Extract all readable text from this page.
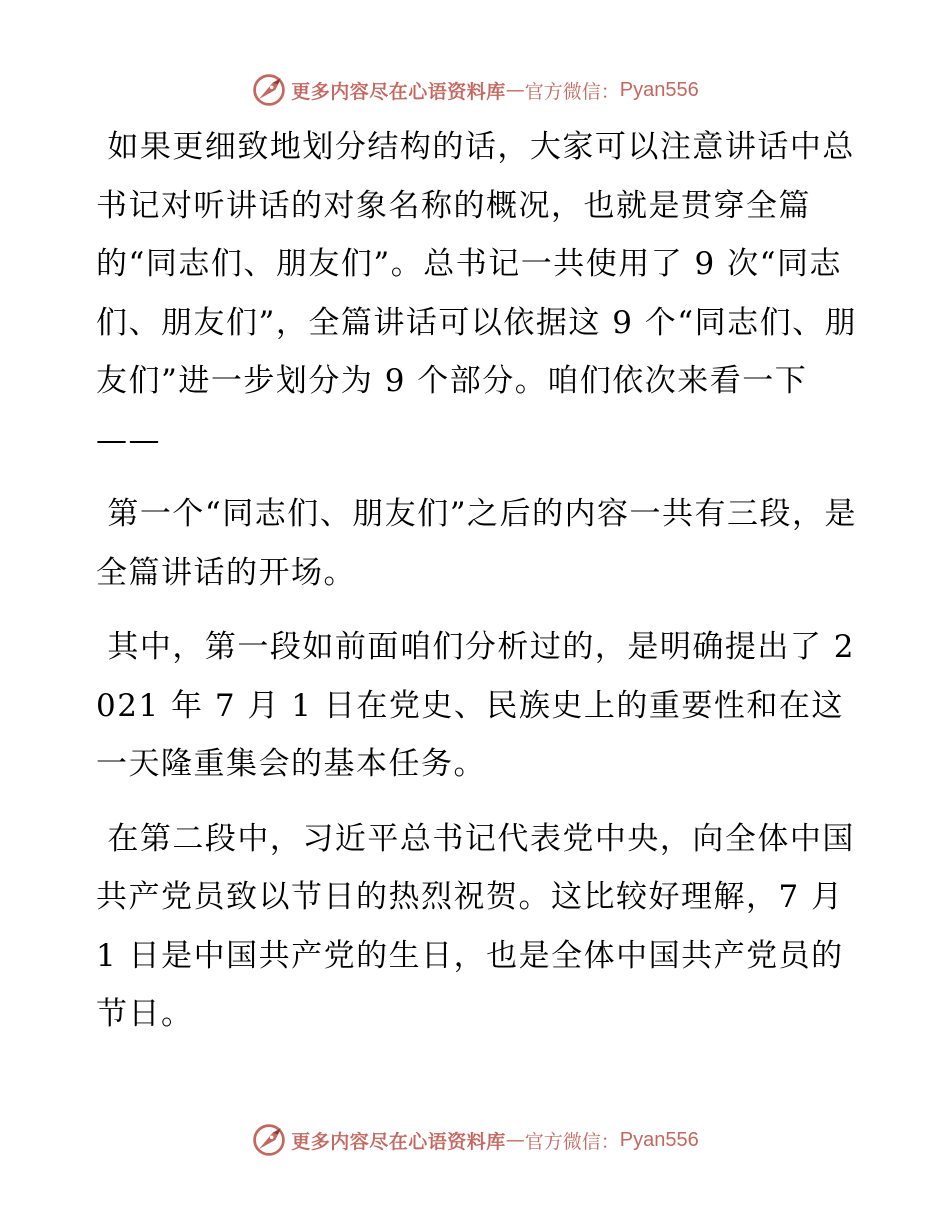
更多内容尽在心语资料库 — 官方微信： Pyan556

如果更细致地划分结构的话，大家可以注意讲话中总书记对听讲话的对象名称的概况，也就是贯穿全篇的“同志们、朋友们”。总书记一共使用了 9 次“同志们、朋友们”，全篇讲话可以依据这 9 个“同志们、朋友们”进一步划分为 9 个部分。咱们依次来看一下——

第一个“同志们、朋友们”之后的内容一共有三段，是全篇讲话的开场。

其中，第一段如前面咱们分析过的，是明确提出了 2021 年 7 月 1 日在党史、民族史上的重要性和在这一天隆重集会的基本任务。

在第二段中，习近平总书记代表党中央，向全体中国共产党员致以节日的热烈祝贺。这比较好理解，7 月 1 日是中国共产党的生日，也是全体中国共产党员的节日。

更多内容尽在心语资料库 — 官方微信： Pyan556
